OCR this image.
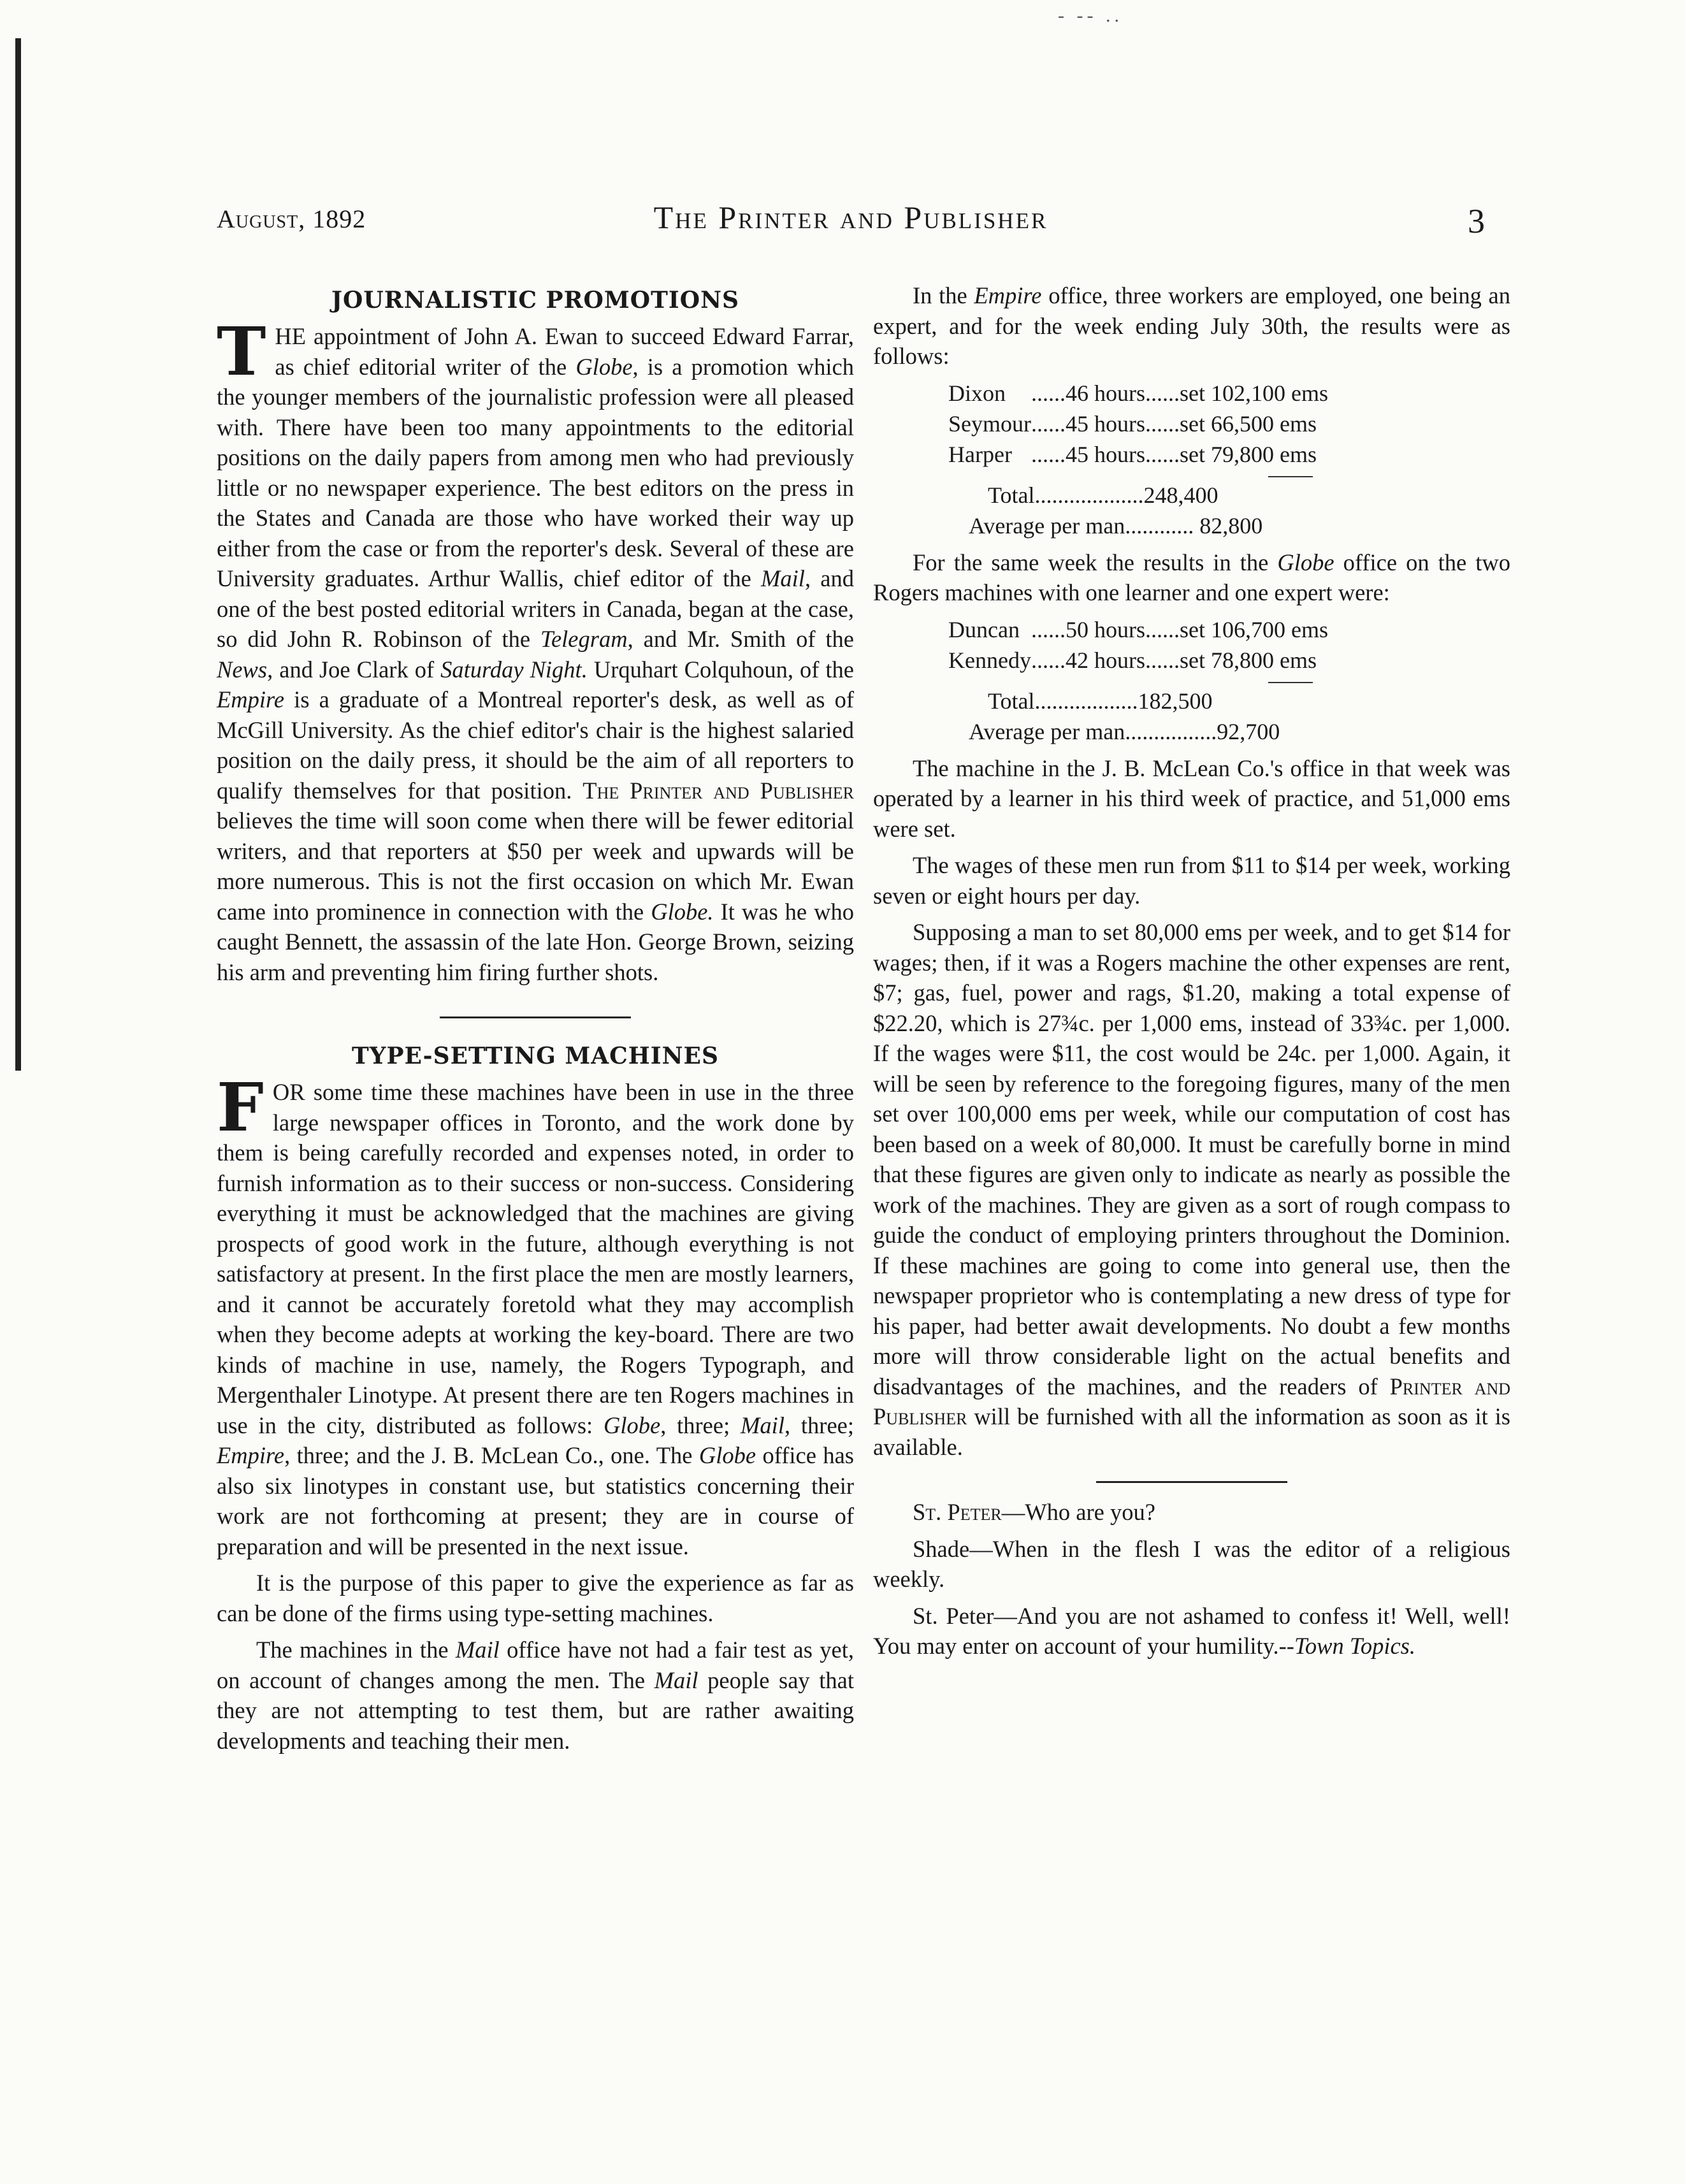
- -- ..
August, 1892	The Printer and Publisher	3
JOURNALISTIC PROMOTIONS

THE appointment of John A. Ewan to succeed Edward Farrar, as chief editorial writer of the Globe, is a promotion which the younger members of the journalistic profession were all pleased with. There have been too many appointments to the editorial positions on the daily papers from among men who had previously little or no newspaper experience. The best editors on the press in the States and Canada are those who have worked their way up either from the case or from the reporter's desk. Several of these are University graduates. Arthur Wallis, chief editor of the Mail, and one of the best posted editorial writers in Canada, began at the case, so did John R. Robinson of the Telegram, and Mr. Smith of the News, and Joe Clark of Saturday Night. Urquhart Colquhoun, of the Empire is a graduate of a Montreal reporter's desk, as well as of McGill University. As the chief editor's chair is the highest salaried position on the daily press, it should be the aim of all reporters to qualify themselves for that position. The Printer and Publisher believes the time will soon come when there will be fewer editorial writers, and that reporters at $50 per week and upwards will be more numerous. This is not the first occasion on which Mr. Ewan came into prominence in connection with the Globe. It was he who caught Bennett, the assassin of the late Hon. George Brown, seizing his arm and preventing him firing further shots.

TYPE-SETTING MACHINES

FOR some time these machines have been in use in the three large newspaper offices in Toronto, and the work done by them is being carefully recorded and expenses noted, in order to furnish information as to their success or non-success. Considering everything it must be acknowledged that the machines are giving prospects of good work in the future, although everything is not satisfactory at present. In the first place the men are mostly learners, and it cannot be accurately foretold what they may accomplish when they become adepts at working the key-board. There are two kinds of machine in use, namely, the Rogers Typograph, and Mergenthaler Linotype. At present there are ten Rogers machines in use in the city, distributed as follows: Globe, three; Mail, three; Empire, three; and the J. B. McLean Co., one. The Globe office has also six linotypes in constant use, but statistics concerning their work are not forthcoming at present; they are in course of preparation and will be presented in the next issue.

It is the purpose of this paper to give the experience as far as can be done of the firms using type-setting machines.

The machines in the Mail office have not had a fair test as yet, on account of changes among the men. The Mail people say that they are not attempting to test them, but are rather awaiting developments and teaching their men.

In the Empire office, three workers are employed, one being an expert, and for the week ending July 30th, the results were as follows:

Dixon	......	46 hours	......set	102,100 ems
Seymour	......	45 hours	......set	66,500 ems
Harper	......	45 hours	......set	79,800 ems
Total...................248,400
Average per man............ 82,800

For the same week the results in the Globe office on the two Rogers machines with one learner and one expert were:

Duncan	......	50 hours	......set	106,700 ems
Kennedy	......	42 hours	......set	78,800 ems
Total..................182,500
Average per man................92,700

The machine in the J. B. McLean Co.'s office in that week was operated by a learner in his third week of practice, and 51,000 ems were set.

The wages of these men run from $11 to $14 per week, working seven or eight hours per day.

Supposing a man to set 80,000 ems per week, and to get $14 for wages; then, if it was a Rogers machine the other expenses are rent, $7; gas, fuel, power and rags, $1.20, making a total expense of $22.20, which is 27¾c. per 1,000 ems, instead of 33¾c. per 1,000. If the wages were $11, the cost would be 24c. per 1,000. Again, it will be seen by reference to the foregoing figures, many of the men set over 100,000 ems per week, while our computation of cost has been based on a week of 80,000. It must be carefully borne in mind that these figures are given only to indicate as nearly as possible the work of the machines. They are given as a sort of rough compass to guide the conduct of employing printers throughout the Dominion. If these machines are going to come into general use, then the newspaper proprietor who is contemplating a new dress of type for his paper, had better await developments. No doubt a few months more will throw considerable light on the actual benefits and disadvantages of the machines, and the readers of Printer and Publisher will be furnished with all the information as soon as it is available.

St. Peter—Who are you?

Shade—When in the flesh I was the editor of a religious weekly.

St. Peter—And you are not ashamed to confess it! Well, well! You may enter on account of your humility.--Town Topics.
